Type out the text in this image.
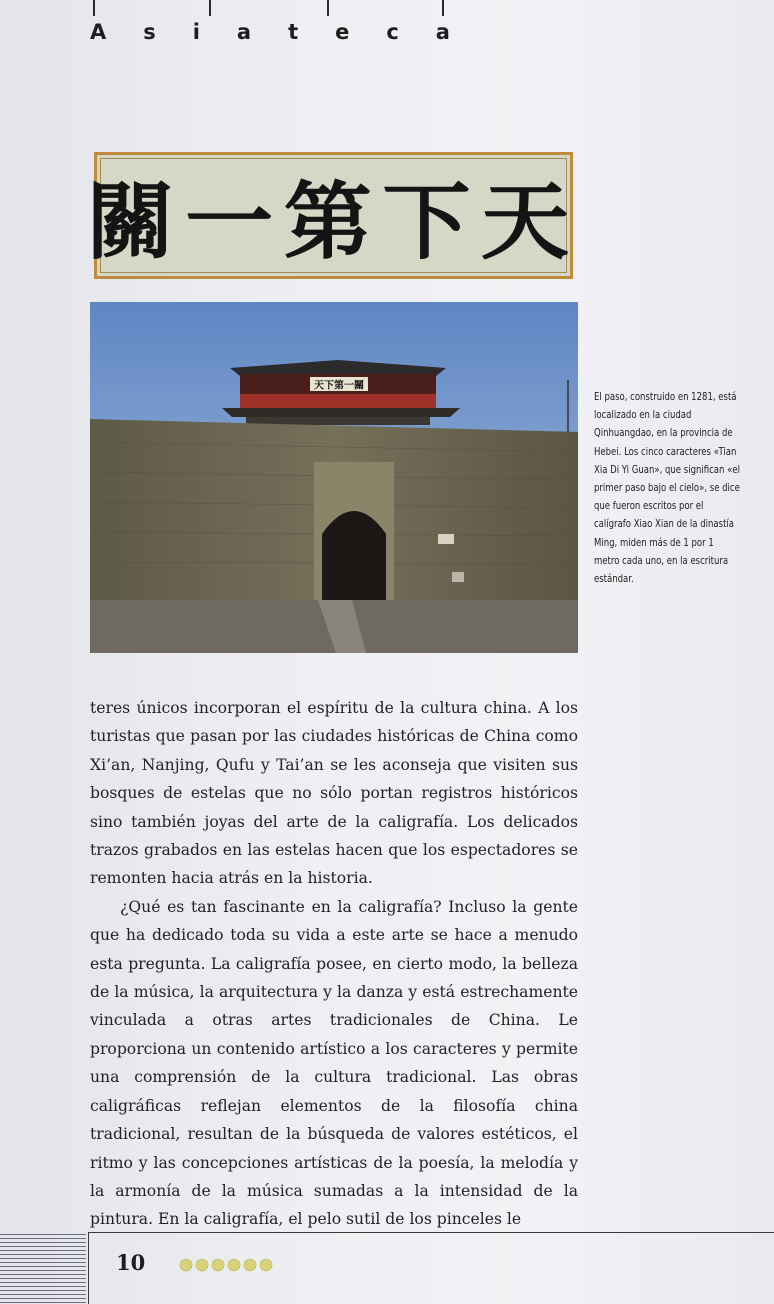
A s i a t e c a
關一第下天
天下第一關
El paso, construido en 1281, está localizado en la ciudad Qinhuangdao, en la provincia de Hebei. Los cinco caracteres «Tian Xia Di Yi Guan», que significan «el primer paso bajo el cielo», se dice que fueron escritos por el calígrafo Xiao Xian de la dinastía Ming, miden más de 1 por 1 metro cada uno, en la escritura estándar.

teres únicos incorporan el espíritu de la cultura china. A los turistas que pasan por las ciudades históricas de China como Xi’an, Nanjing, Qufu y Tai’an se les aconseja que visiten sus bosques de estelas que no sólo portan registros históricos sino también joyas del arte de la caligrafía. Los delicados trazos grabados en las estelas hacen que los espectadores se remonten hacia atrás en la historia.

¿Qué es tan fascinante en la caligrafía? Incluso la gente que ha dedicado toda su vida a este arte se hace a menudo esta pregunta. La caligrafía posee, en cierto modo, la belleza de la música, la arquitectura y la danza y está estrechamente vinculada a otras artes tradicionales de China. Le proporciona un contenido artístico a los caracteres y permite una comprensión de la cultura tradicional. Las obras caligráficas reflejan elementos de la filosofía china tradicional, resultan de la búsqueda de valores estéticos, el ritmo y las concepciones artísticas de la poesía, la melodía y la armonía de la música sumadas a la intensidad de la pintura. En la caligrafía, el pelo sutil de los pinceles le

10
